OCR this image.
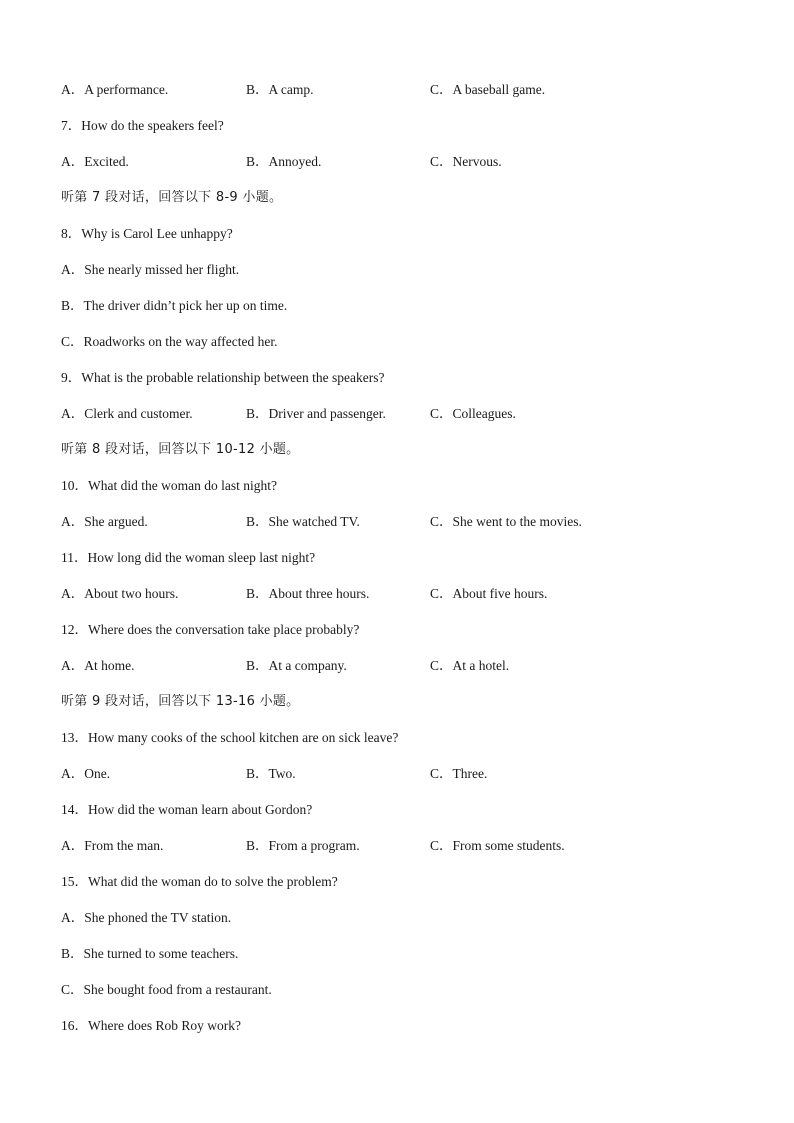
A．A performance.	B．A camp.	C．A baseball game.
7．How do the speakers feel?
A．Excited.	B．Annoyed.	C．Nervous.
听第 7 段对话，回答以下 8-9 小题。
8．Why is Carol Lee unhappy?
A．She nearly missed her flight.
B．The driver didn’t pick her up on time.
C．Roadworks on the way affected her.
9．What is the probable relationship between the speakers?
A．Clerk and customer.	B．Driver and passenger.	C．Colleagues.
听第 8 段对话，回答以下 10-12 小题。
10．What did the woman do last night?
A．She argued.	B．She watched TV.	C．She went to the movies.
11．How long did the woman sleep last night?
A．About two hours.	B．About three hours.	C．About five hours.
12．Where does the conversation take place probably?
A．At home.	B．At a company.	C．At a hotel.
听第 9 段对话，回答以下 13-16 小题。
13．How many cooks of the school kitchen are on sick leave?
A．One.	B．Two.	C．Three.
14．How did the woman learn about Gordon?
A．From the man.	B．From a program.	C．From some students.
15．What did the woman do to solve the problem?
A．She phoned the TV station.
B．She turned to some teachers.
C．She bought food from a restaurant.
16．Where does Rob Roy work?
